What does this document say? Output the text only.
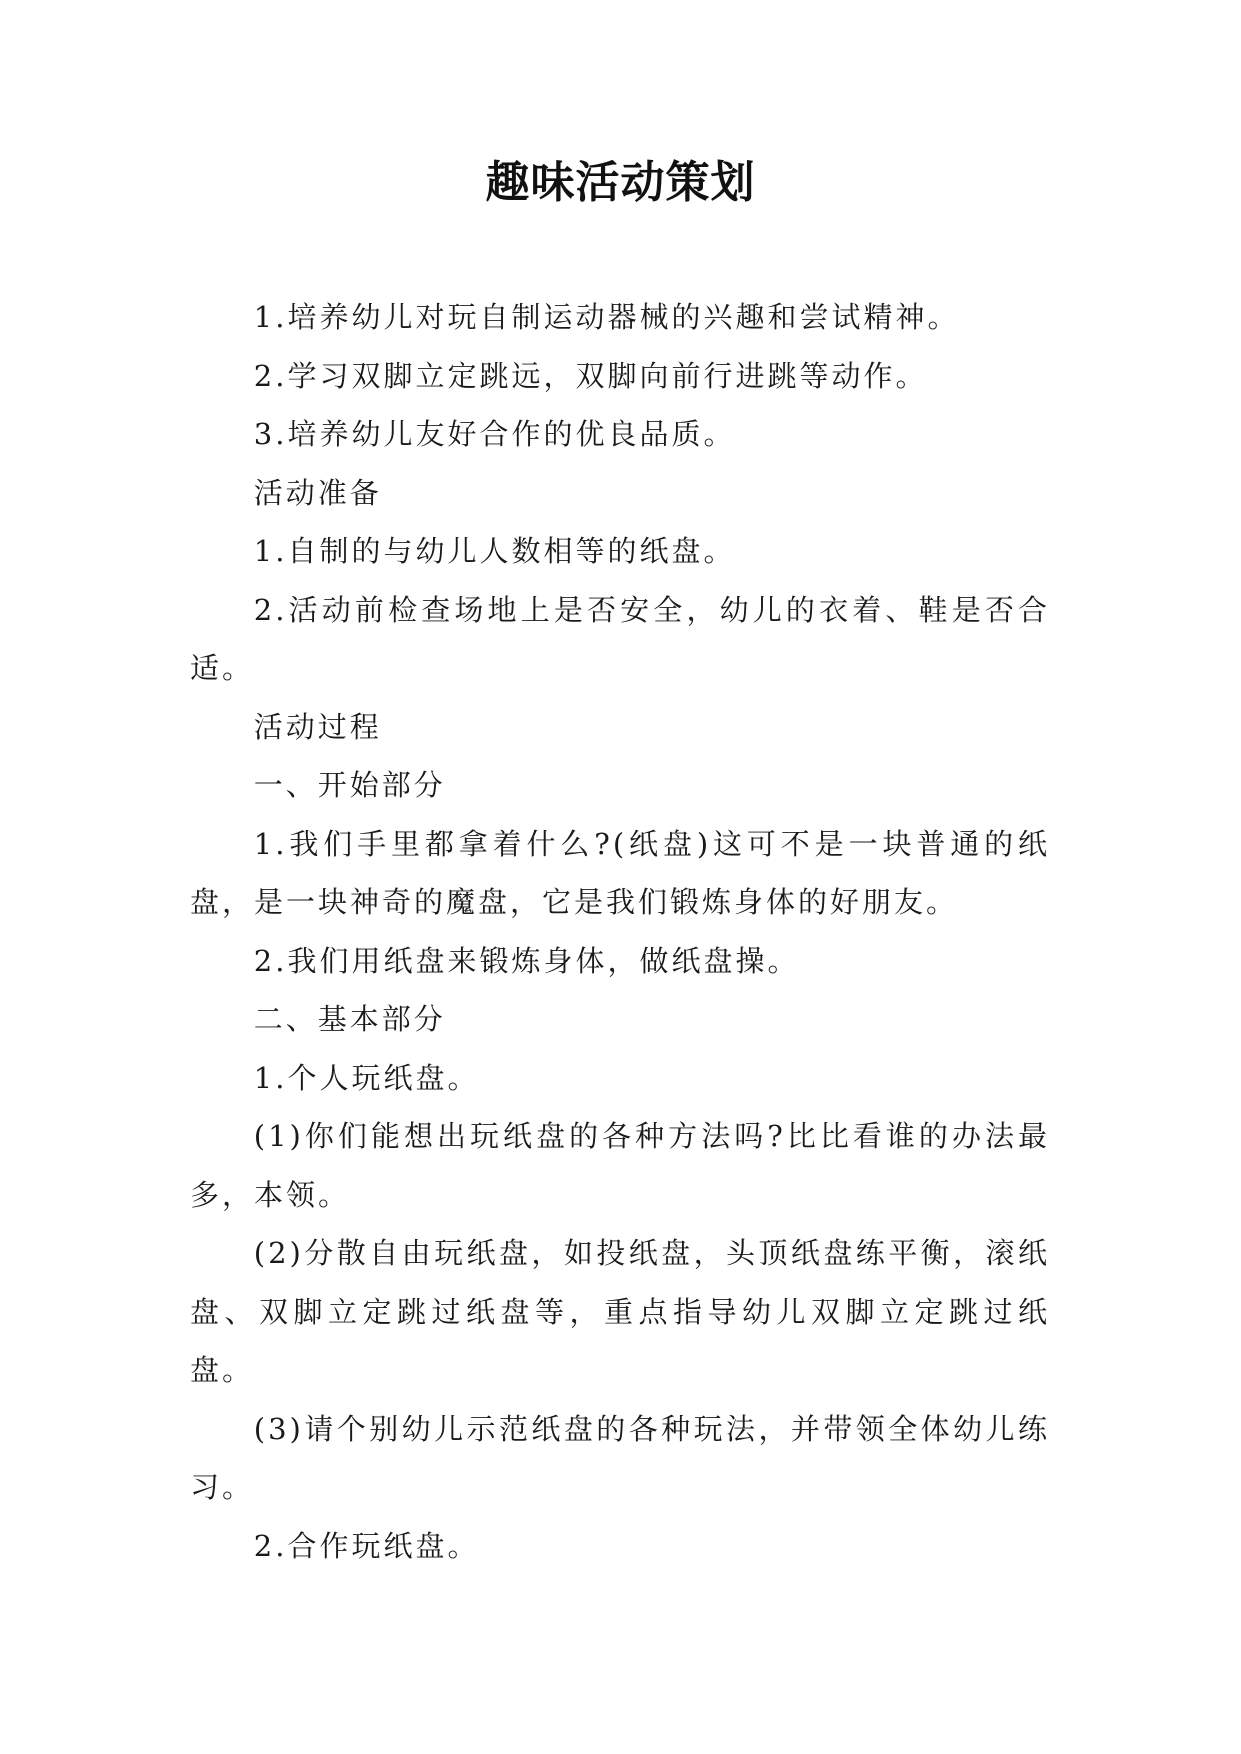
趣味活动策划

1.培养幼儿对玩自制运动器械的兴趣和尝试精神。

2.学习双脚立定跳远，双脚向前行进跳等动作。

3.培养幼儿友好合作的优良品质。

活动准备

1.自制的与幼儿人数相等的纸盘。

2.活动前检查场地上是否安全，幼儿的衣着、鞋是否合适。

活动过程

一、开始部分

1.我们手里都拿着什么?(纸盘)这可不是一块普通的纸盘，是一块神奇的魔盘，它是我们锻炼身体的好朋友。

2.我们用纸盘来锻炼身体，做纸盘操。

二、基本部分

1.个人玩纸盘。

(1)你们能想出玩纸盘的各种方法吗?比比看谁的办法最多，本领。

(2)分散自由玩纸盘，如投纸盘，头顶纸盘练平衡，滚纸盘、双脚立定跳过纸盘等，重点指导幼儿双脚立定跳过纸盘。

(3)请个别幼儿示范纸盘的各种玩法，并带领全体幼儿练习。

2.合作玩纸盘。
